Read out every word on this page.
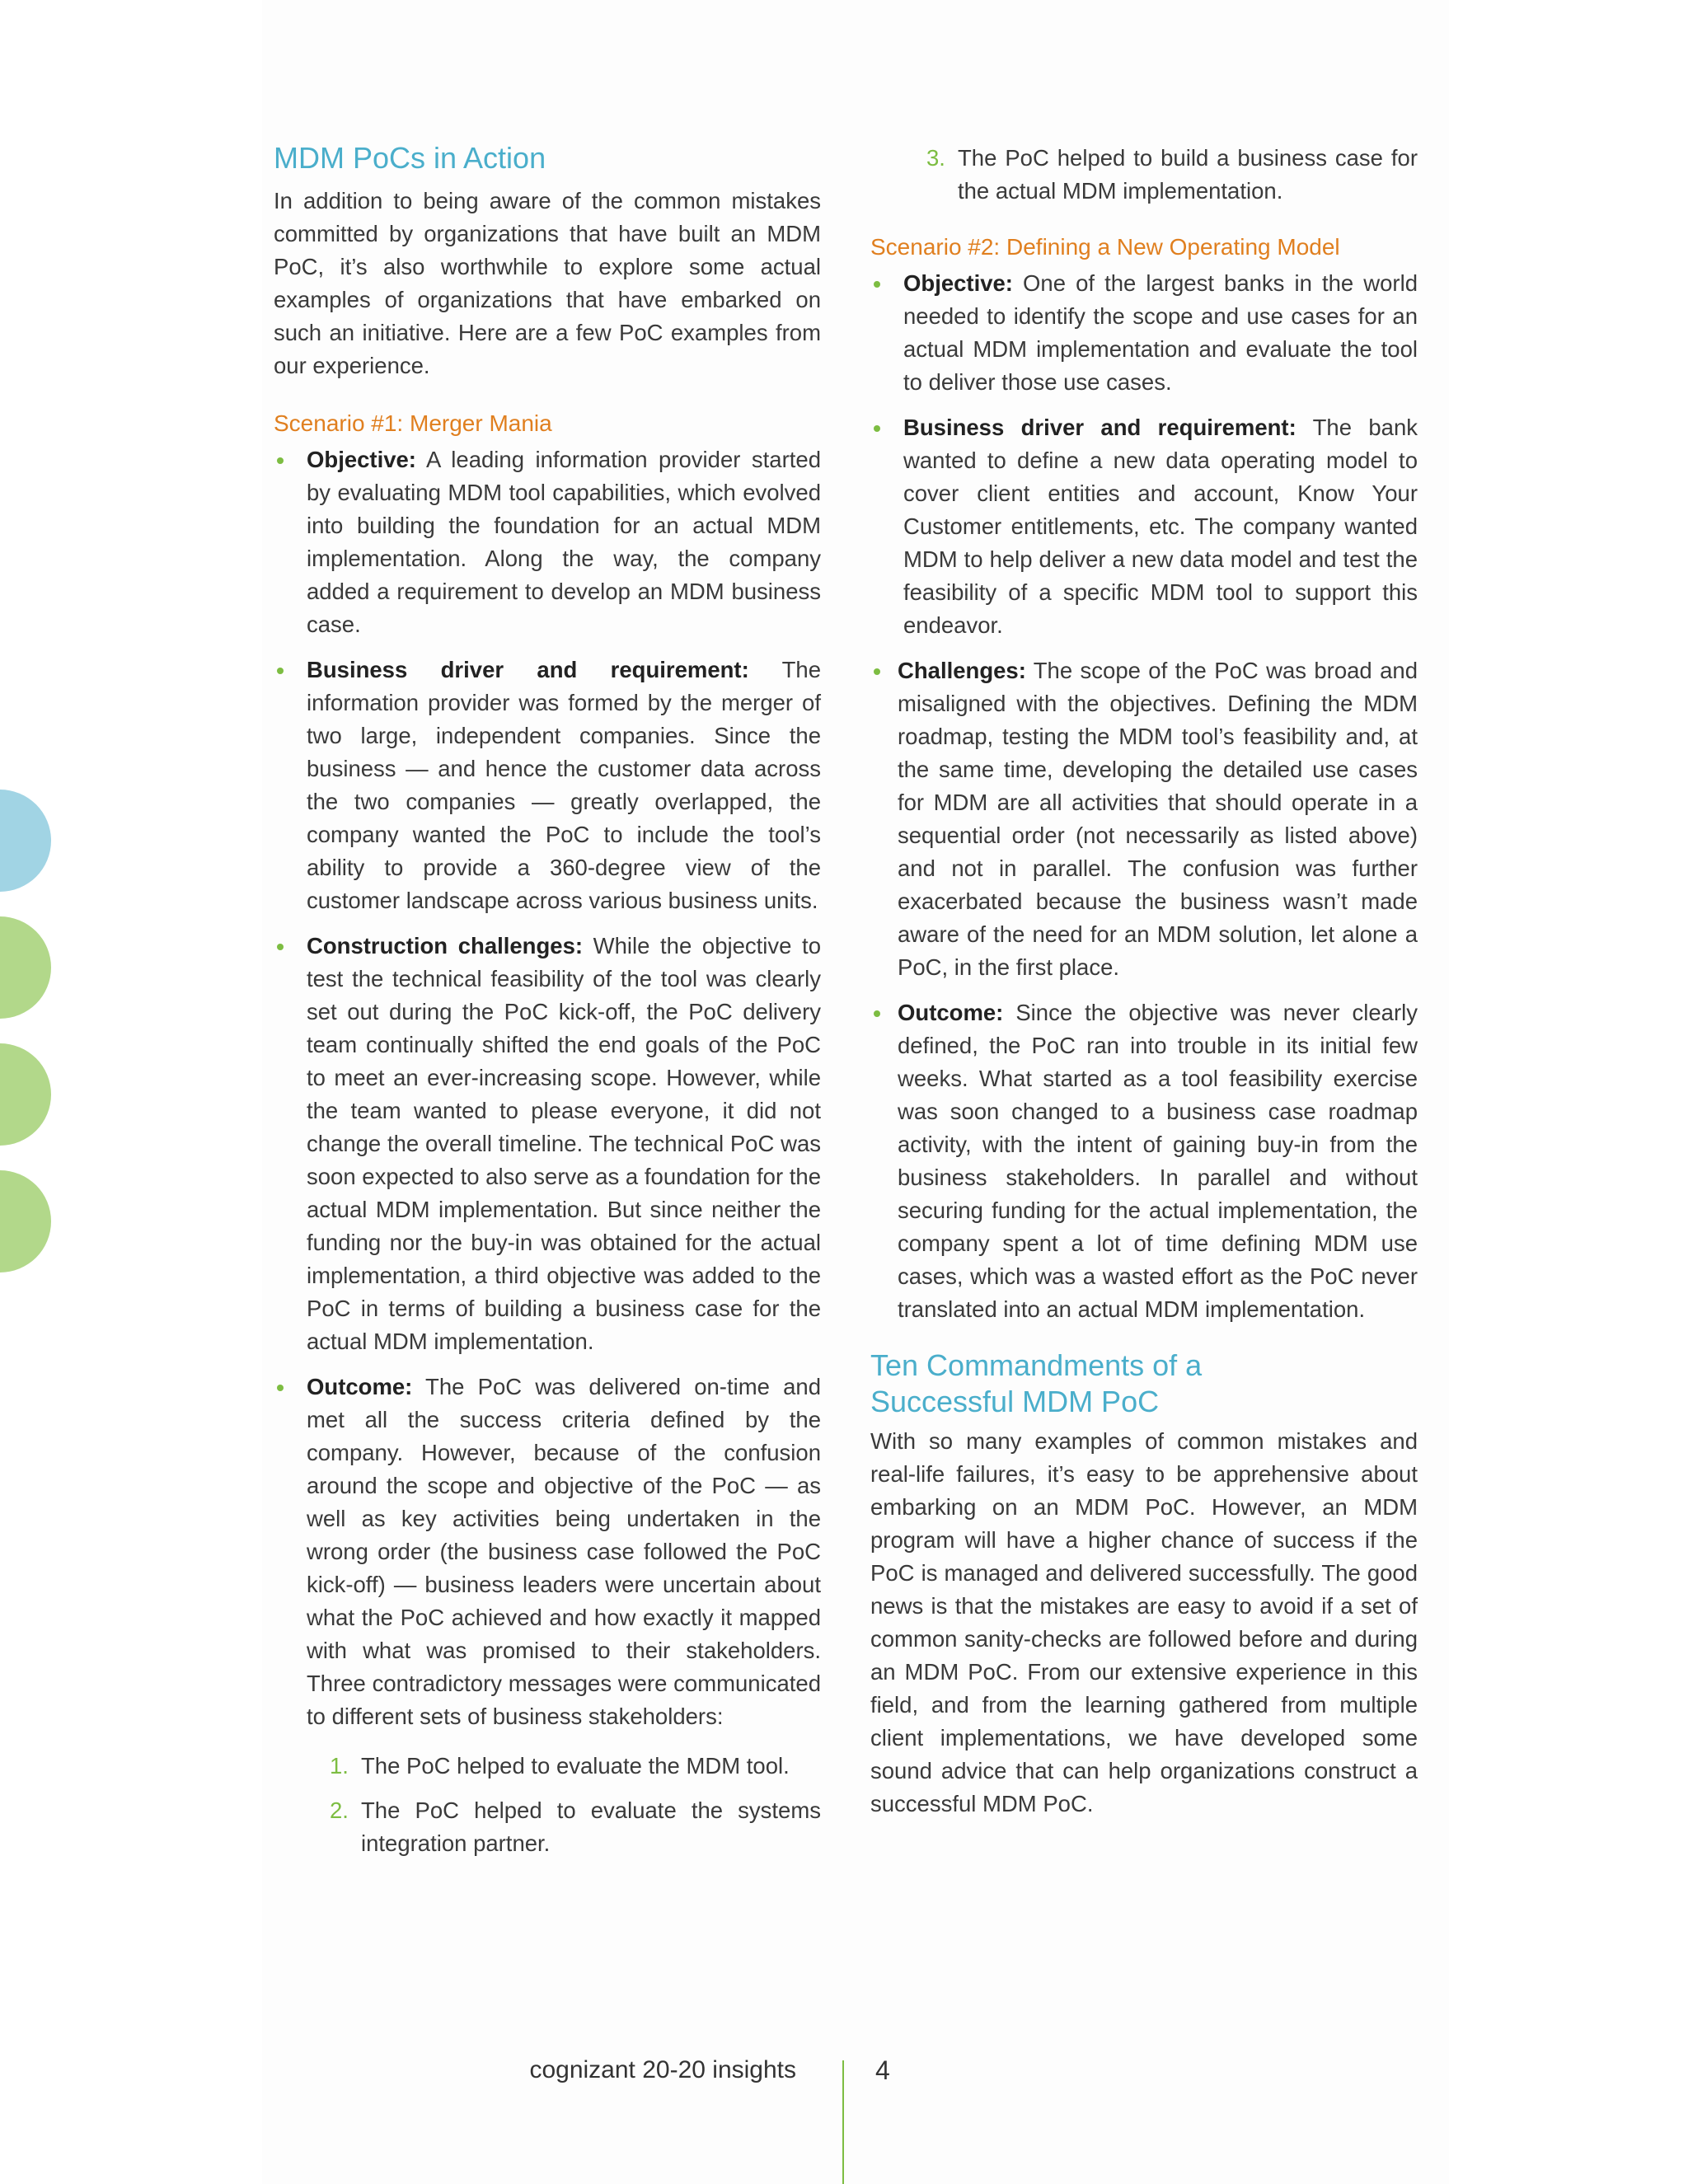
MDM PoCs in Action

In addition to being aware of the common mistakes committed by organizations that have built an MDM PoC, it’s also worthwhile to explore some actual examples of organizations that have embarked on such an initiative. Here are a few PoC examples from our experience.

Scenario #1: Merger Mania
Objective: A leading information provider started by evaluating MDM tool capabilities, which evolved into building the foundation for an actual MDM implementation. Along the way, the company added a requirement to develop an MDM business case.
Business driver and requirement: The information provider was formed by the merger of two large, independent companies. Since the business — and hence the customer data across the two companies — greatly overlapped, the company wanted the PoC to include the tool’s ability to provide a 360-degree view of the customer landscape across various business units.
Construction challenges: While the objective to test the technical feasibility of the tool was clearly set out during the PoC kick-off, the PoC delivery team continually shifted the end goals of the PoC to meet an ever-increasing scope. However, while the team wanted to please everyone, it did not change the overall timeline. The technical PoC was soon expected to also serve as a foundation for the actual MDM implementation. But since neither the funding nor the buy-in was obtained for the actual implementation, a third objective was added to the PoC in terms of building a business case for the actual MDM implementation.
Outcome: The PoC was delivered on-time and met all the success criteria defined by the company. However, because of the confusion around the scope and objective of the PoC — as well as key activities being undertaken in the wrong order (the business case followed the PoC kick-off) — business leaders were uncertain about what the PoC achieved and how exactly it mapped with what was promised to their stakeholders. Three contradictory messages were communicated to different sets of business stakeholders:
1. The PoC helped to evaluate the MDM tool.
2. The PoC helped to evaluate the systems integration partner.
3. The PoC helped to build a business case for the actual MDM implementation.
Scenario #2: Defining a New Operating Model
Objective: One of the largest banks in the world needed to identify the scope and use cases for an actual MDM implementation and evaluate the tool to deliver those use cases.
Business driver and requirement: The bank wanted to define a new data operating model to cover client entities and account, Know Your Customer entitlements, etc. The company wanted MDM to help deliver a new data model and test the feasibility of a specific MDM tool to support this endeavor.
Challenges: The scope of the PoC was broad and misaligned with the objectives. Defining the MDM roadmap, testing the MDM tool’s feasibility and, at the same time, developing the detailed use cases for MDM are all activities that should operate in a sequential order (not necessarily as listed above) and not in parallel. The confusion was further exacerbated because the business wasn’t made aware of the need for an MDM solution, let alone a PoC, in the first place.
Outcome: Since the objective was never clearly defined, the PoC ran into trouble in its initial few weeks. What started as a tool feasibility exercise was soon changed to a business case roadmap activity, with the intent of gaining buy-in from the business stakeholders. In parallel and without securing funding for the actual implementation, the company spent a lot of time defining MDM use cases, which was a wasted effort as the PoC never translated into an actual MDM implementation.
Ten Commandments of a
Successful MDM PoC

With so many examples of common mistakes and real-life failures, it’s easy to be apprehensive about embarking on an MDM PoC. However, an MDM program will have a higher chance of success if the PoC is managed and delivered successfully. The good news is that the mistakes are easy to avoid if a set of common sanity-checks are followed before and during an MDM PoC. From our extensive experience in this field, and from the learning gathered from multiple client implementations, we have developed some sound advice that can help organizations construct a successful MDM PoC.

cognizant 20-20 insights	4
